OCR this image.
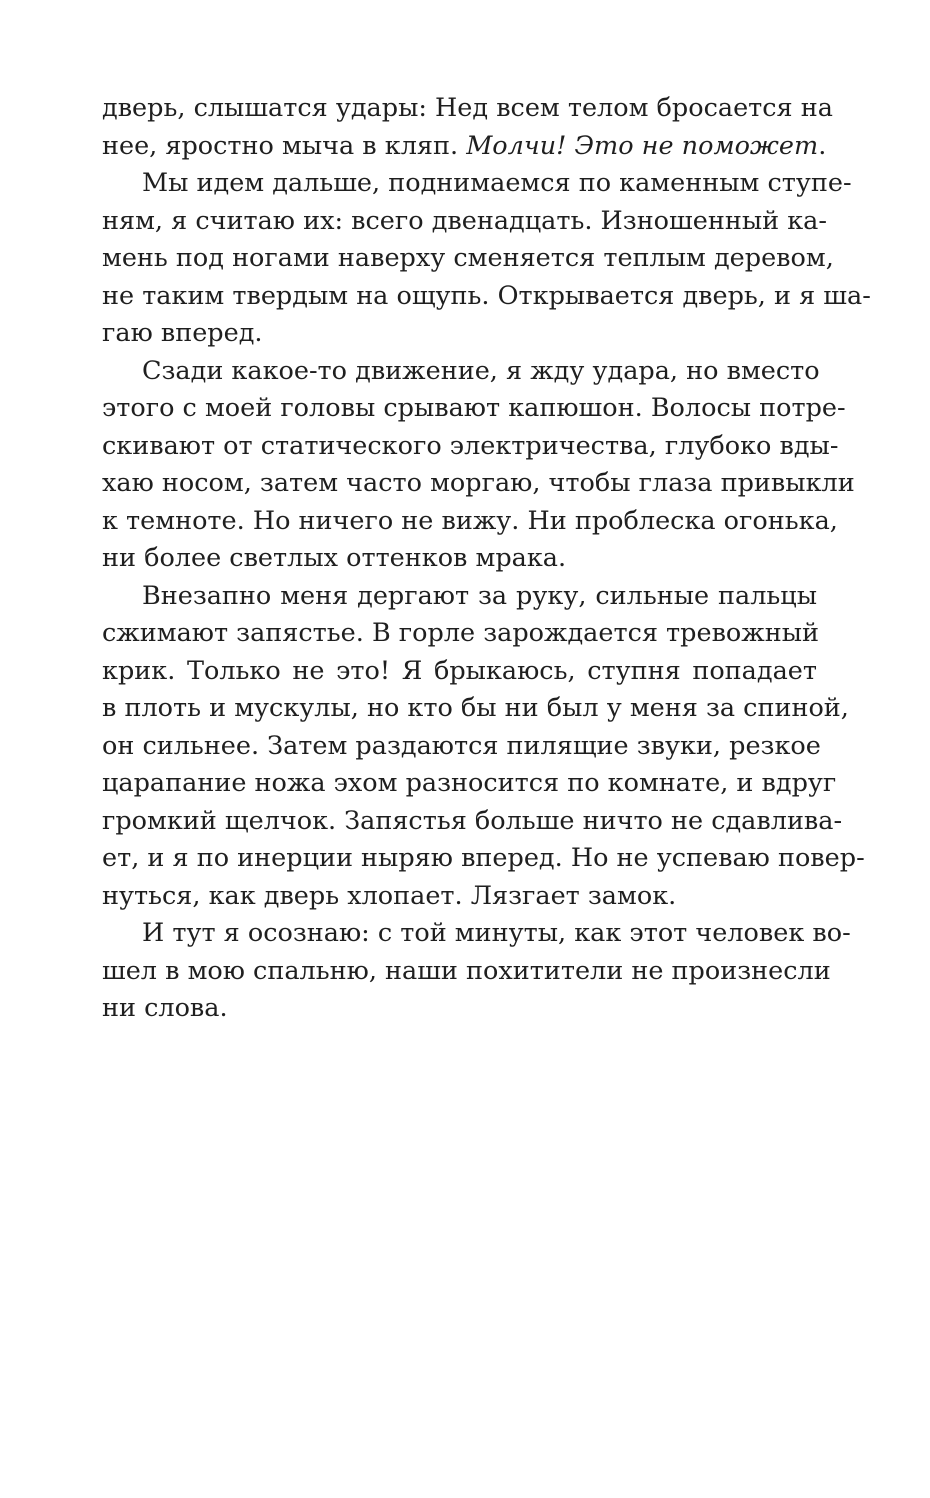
дверь, слышатся удары: Нед всем телом бросается на
нее, яростно мыча в кляп. Молчи! Это не поможет.
Мы идем дальше, поднимаемся по каменным ступе-
ням, я считаю их: всего двенадцать. Изношенный ка-
мень под ногами наверху сменяется теплым деревом,
не таким твердым на ощупь. Открывается дверь, и я ша-
гаю вперед.
Сзади какое-то движение, я жду удара, но вместо
этого с моей головы срывают капюшон. Волосы потре-
скивают от статического электричества, глубоко вды-
хаю носом, затем часто моргаю, чтобы глаза привыкли
к темноте. Но ничего не вижу. Ни проблеска огонька,
ни более светлых оттенков мрака.
Внезапно меня дергают за руку, сильные пальцы
сжимают запястье. В горле зарождается тревожный
крик. Только не это! Я брыкаюсь, ступня попадает
в плоть и мускулы, но кто бы ни был у меня за спиной,
он сильнее. Затем раздаются пилящие звуки, резкое
царапание ножа эхом разносится по комнате, и вдруг
громкий щелчок. Запястья больше ничто не сдавлива-
ет, и я по инерции ныряю вперед. Но не успеваю повер-
нуться, как дверь хлопает. Лязгает замок.
И тут я осознаю: с той минуты, как этот человек во-
шел в мою спальню, наши похитители не произнесли
ни слова.
